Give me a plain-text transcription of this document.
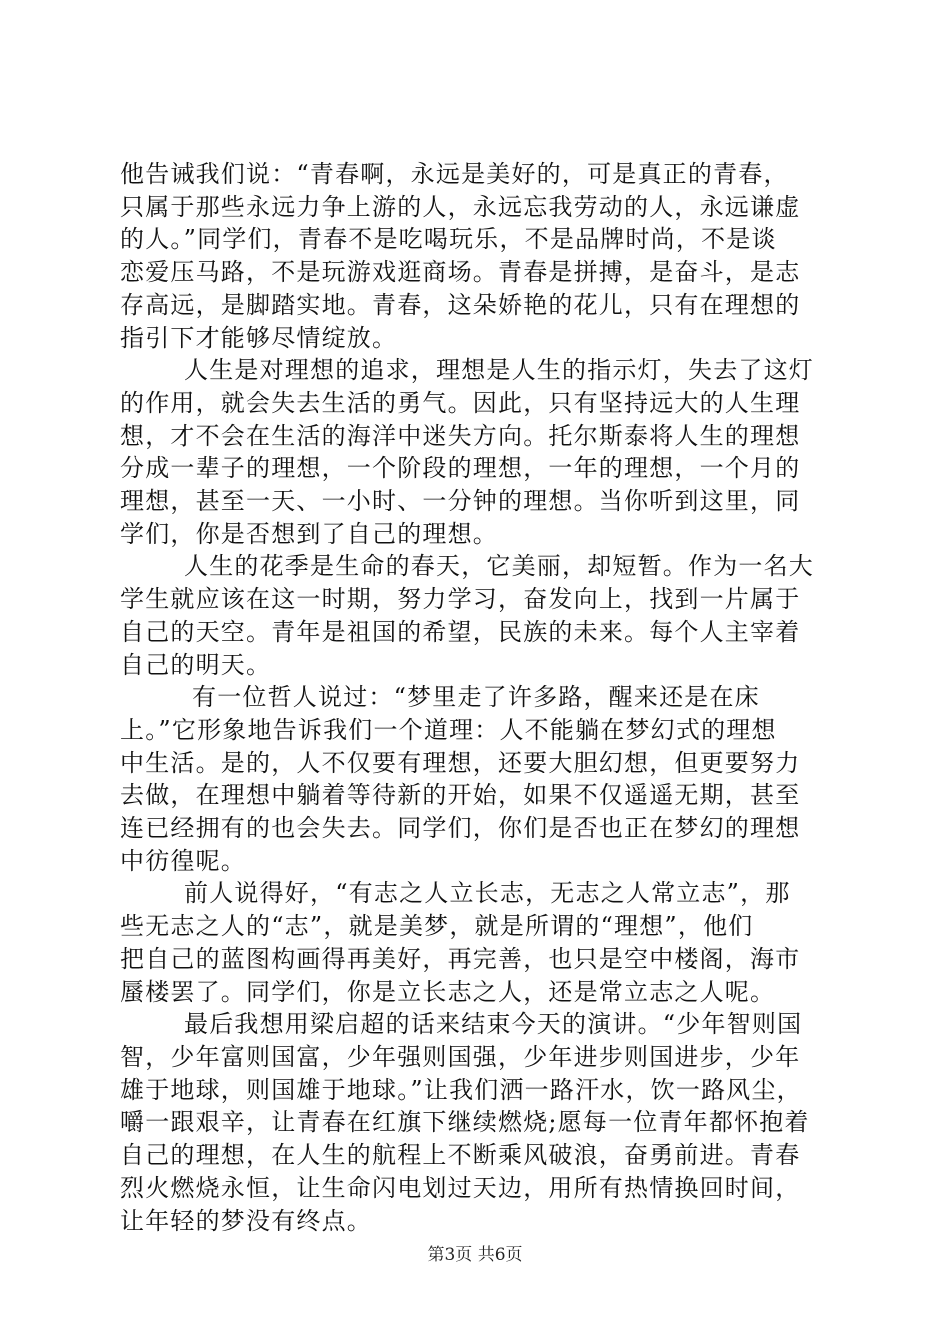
他告诫我们说：“青春啊，永远是美好的，可是真正的青春，
只属于那些永远力争上游的人，永远忘我劳动的人，永远谦虚
的人。”同学们，青春不是吃喝玩乐，不是品牌时尚，不是谈
恋爱压马路，不是玩游戏逛商场。青春是拼搏，是奋斗，是志
存高远，是脚踏实地。青春，这朵娇艳的花儿，只有在理想的
指引下才能够尽情绽放。

人生是对理想的追求，理想是人生的指示灯，失去了这灯
的作用，就会失去生活的勇气。因此，只有坚持远大的人生理
想，才不会在生活的海洋中迷失方向。托尔斯泰将人生的理想
分成一辈子的理想，一个阶段的理想，一年的理想，一个月的
理想，甚至一天、一小时、一分钟的理想。当你听到这里，同
学们，你是否想到了自己的理想。

人生的花季是生命的春天，它美丽，却短暂。作为一名大
学生就应该在这一时期，努力学习，奋发向上，找到一片属于
自己的天空。青年是祖国的希望，民族的未来。每个人主宰着
自己的明天。

有一位哲人说过：“梦里走了许多路，醒来还是在床
上。”它形象地告诉我们一个道理：人不能躺在梦幻式的理想
中生活。是的，人不仅要有理想，还要大胆幻想，但更要努力
去做，在理想中躺着等待新的开始，如果不仅遥遥无期，甚至
连已经拥有的也会失去。同学们，你们是否也正在梦幻的理想
中彷徨呢。

前人说得好，“有志之人立长志，无志之人常立志”，那
些无志之人的“志”，就是美梦，就是所谓的“理想”，他们
把自己的蓝图构画得再美好，再完善，也只是空中楼阁，海市
蜃楼罢了。同学们，你是立长志之人，还是常立志之人呢。

最后我想用梁启超的话来结束今天的演讲。“少年智则国
智，少年富则国富，少年强则国强，少年进步则国进步，少年
雄于地球，则国雄于地球。”让我们洒一路汗水，饮一路风尘，
嚼一跟艰辛，让青春在红旗下继续燃烧;愿每一位青年都怀抱着
自己的理想，在人生的航程上不断乘风破浪，奋勇前进。青春
烈火燃烧永恒，让生命闪电划过天边，用所有热情换回时间，
让年轻的梦没有终点。

第3页 共6页
